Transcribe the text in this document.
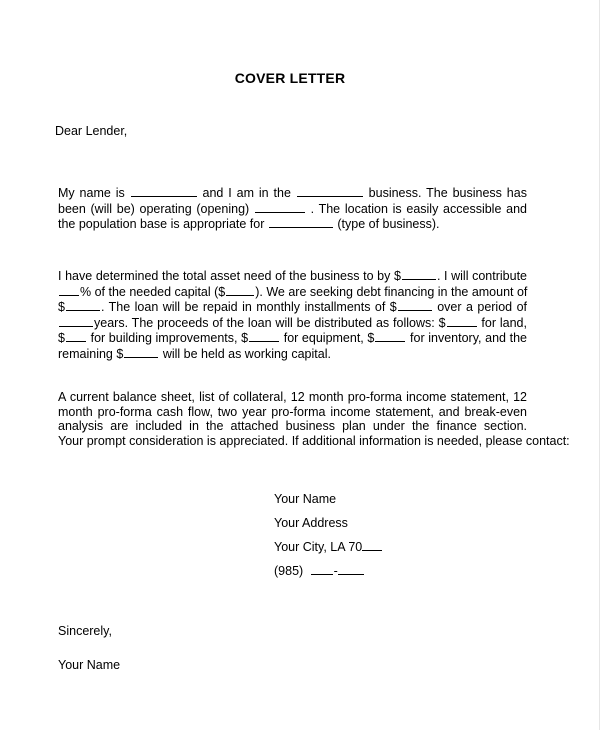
COVER LETTER
Dear Lender,
My name is	and I am in the	business. The business has
been (will be) operating (opening)	. The location is easily accessible and
the population base is appropriate for	(type of business).
I have determined the total asset need of the business to by $	. I will contribute
% of the needed capital ($ ). We are seeking debt financing in the amount of
$	. The loan will be repaid in monthly installments of $	over a period of
years. The proceeds of the loan will be distributed as follows: $	for land,
$ for building improvements, $	for equipment, $	for inventory, and the
remaining $	will be held as working capital.
A current balance sheet, list of collateral, 12 month pro-forma income statement, 12
month pro-forma cash flow, two year pro-forma income statement, and break-even
analysis are included in the attached business plan under the finance section.
Your prompt consideration is appreciated. If additional information is needed, please contact:
Your Name
Your Address
Your City, LA 70
(985) -
Sincerely,
Your Name
